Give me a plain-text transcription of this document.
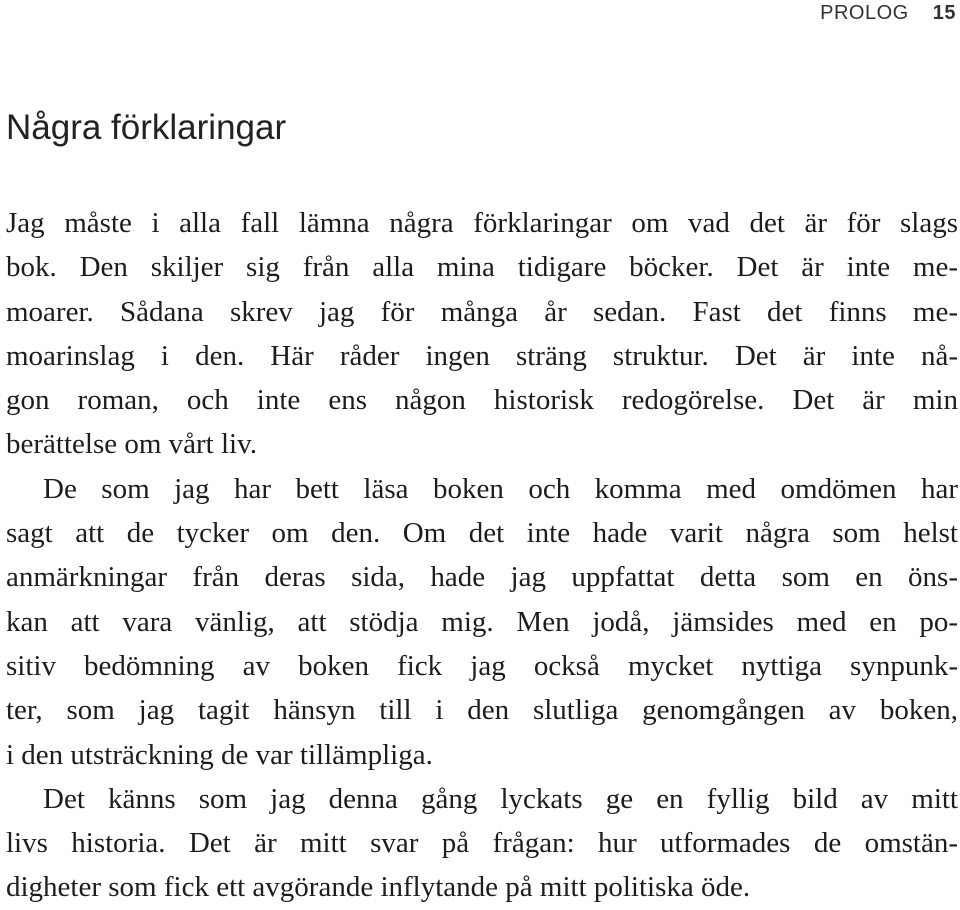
PROLOG 15
Några förklaringar
Jag måste i alla fall lämna några förklaringar om vad det är för slags
bok. Den skiljer sig från alla mina tidigare böcker. Det är inte me-
moarer. Sådana skrev jag för många år sedan. Fast det finns me-
moarinslag i den. Här råder ingen sträng struktur. Det är inte nå-
gon roman, och inte ens någon historisk redogörelse. Det är min
berättelse om vårt liv.
De som jag har bett läsa boken och komma med omdömen har
sagt att de tycker om den. Om det inte hade varit några som helst
anmärkningar från deras sida, hade jag uppfattat detta som en öns-
kan att vara vänlig, att stödja mig. Men jodå, jämsides med en po-
sitiv bedömning av boken fick jag också mycket nyttiga synpunk-
ter, som jag tagit hänsyn till i den slutliga genomgången av boken,
i den utsträckning de var tillämpliga.
Det känns som jag denna gång lyckats ge en fyllig bild av mitt
livs historia. Det är mitt svar på frågan: hur utformades de omstän-
digheter som fick ett avgörande inflytande på mitt politiska öde.
